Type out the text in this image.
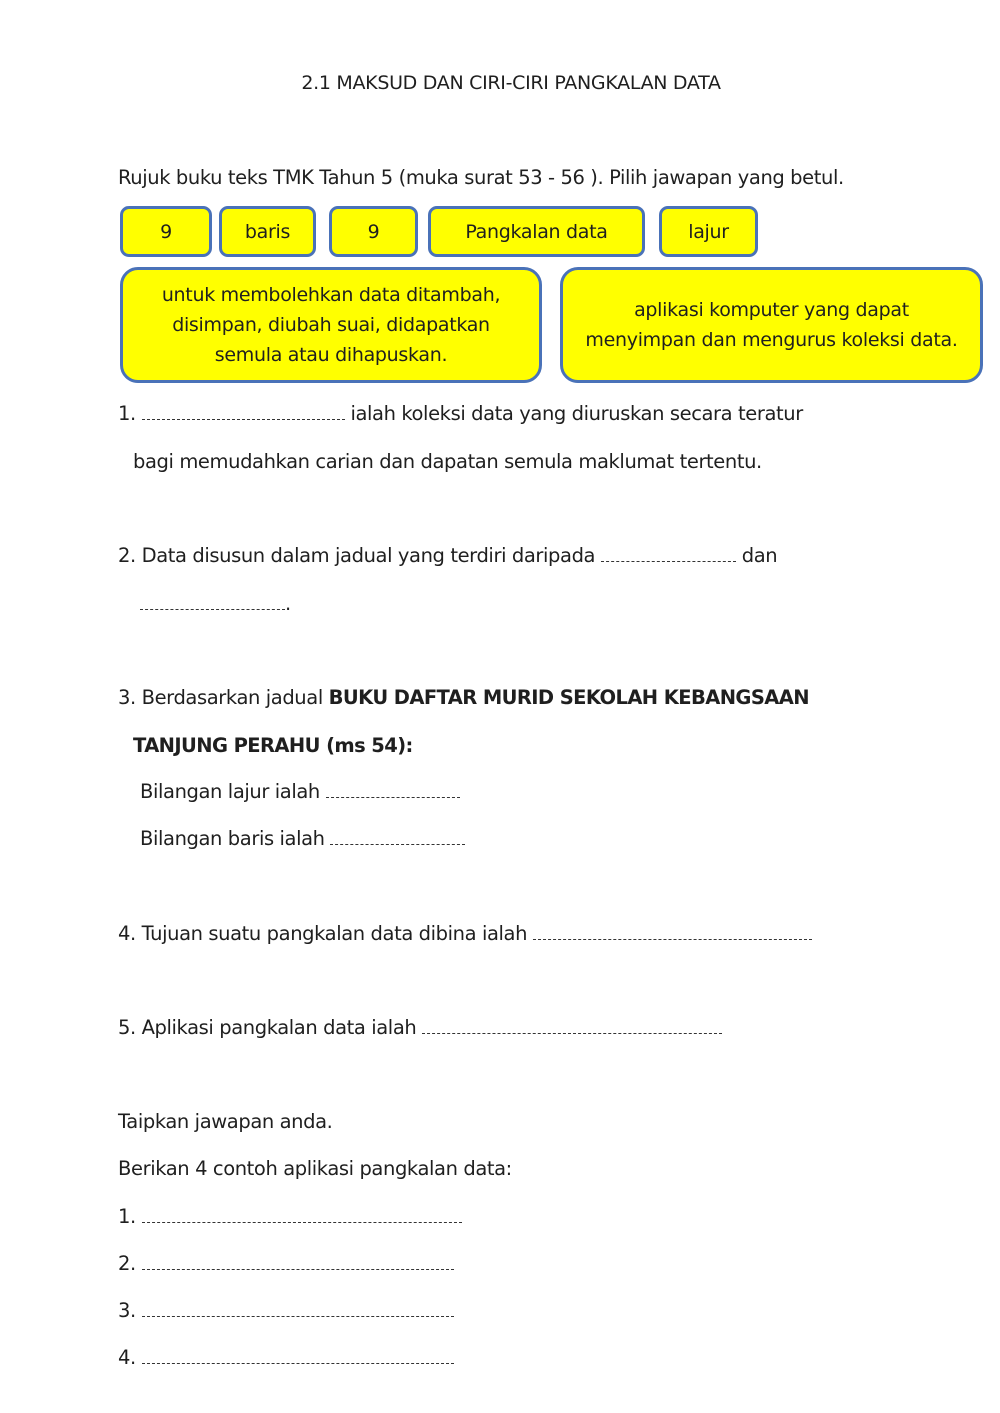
2.1 MAKSUD DAN CIRI-CIRI PANGKALAN DATA
Rujuk buku teks TMK Tahun 5 (muka surat 53 - 56 ). Pilih jawapan yang betul.
9	baris	9	Pangkalan data	lajur
untuk membolehkan data ditambah, disimpan, diubah suai, didapatkan semula atau dihapuskan.
aplikasi komputer yang dapat menyimpan dan mengurus koleksi data.
1.	ialah koleksi data yang diuruskan secara teratur
bagi memudahkan carian dan dapatan semula maklumat tertentu.
2. Data disusun dalam jadual yang terdiri daripada	dan
.
3. Berdasarkan jadual BUKU DAFTAR MURID SEKOLAH KEBANGSAAN
TANJUNG PERAHU (ms 54):
Bilangan lajur ialah
Bilangan baris ialah
4. Tujuan suatu pangkalan data dibina ialah
5. Aplikasi pangkalan data ialah
Taipkan jawapan anda.
Berikan 4 contoh aplikasi pangkalan data:
1.
2.
3.
4.
